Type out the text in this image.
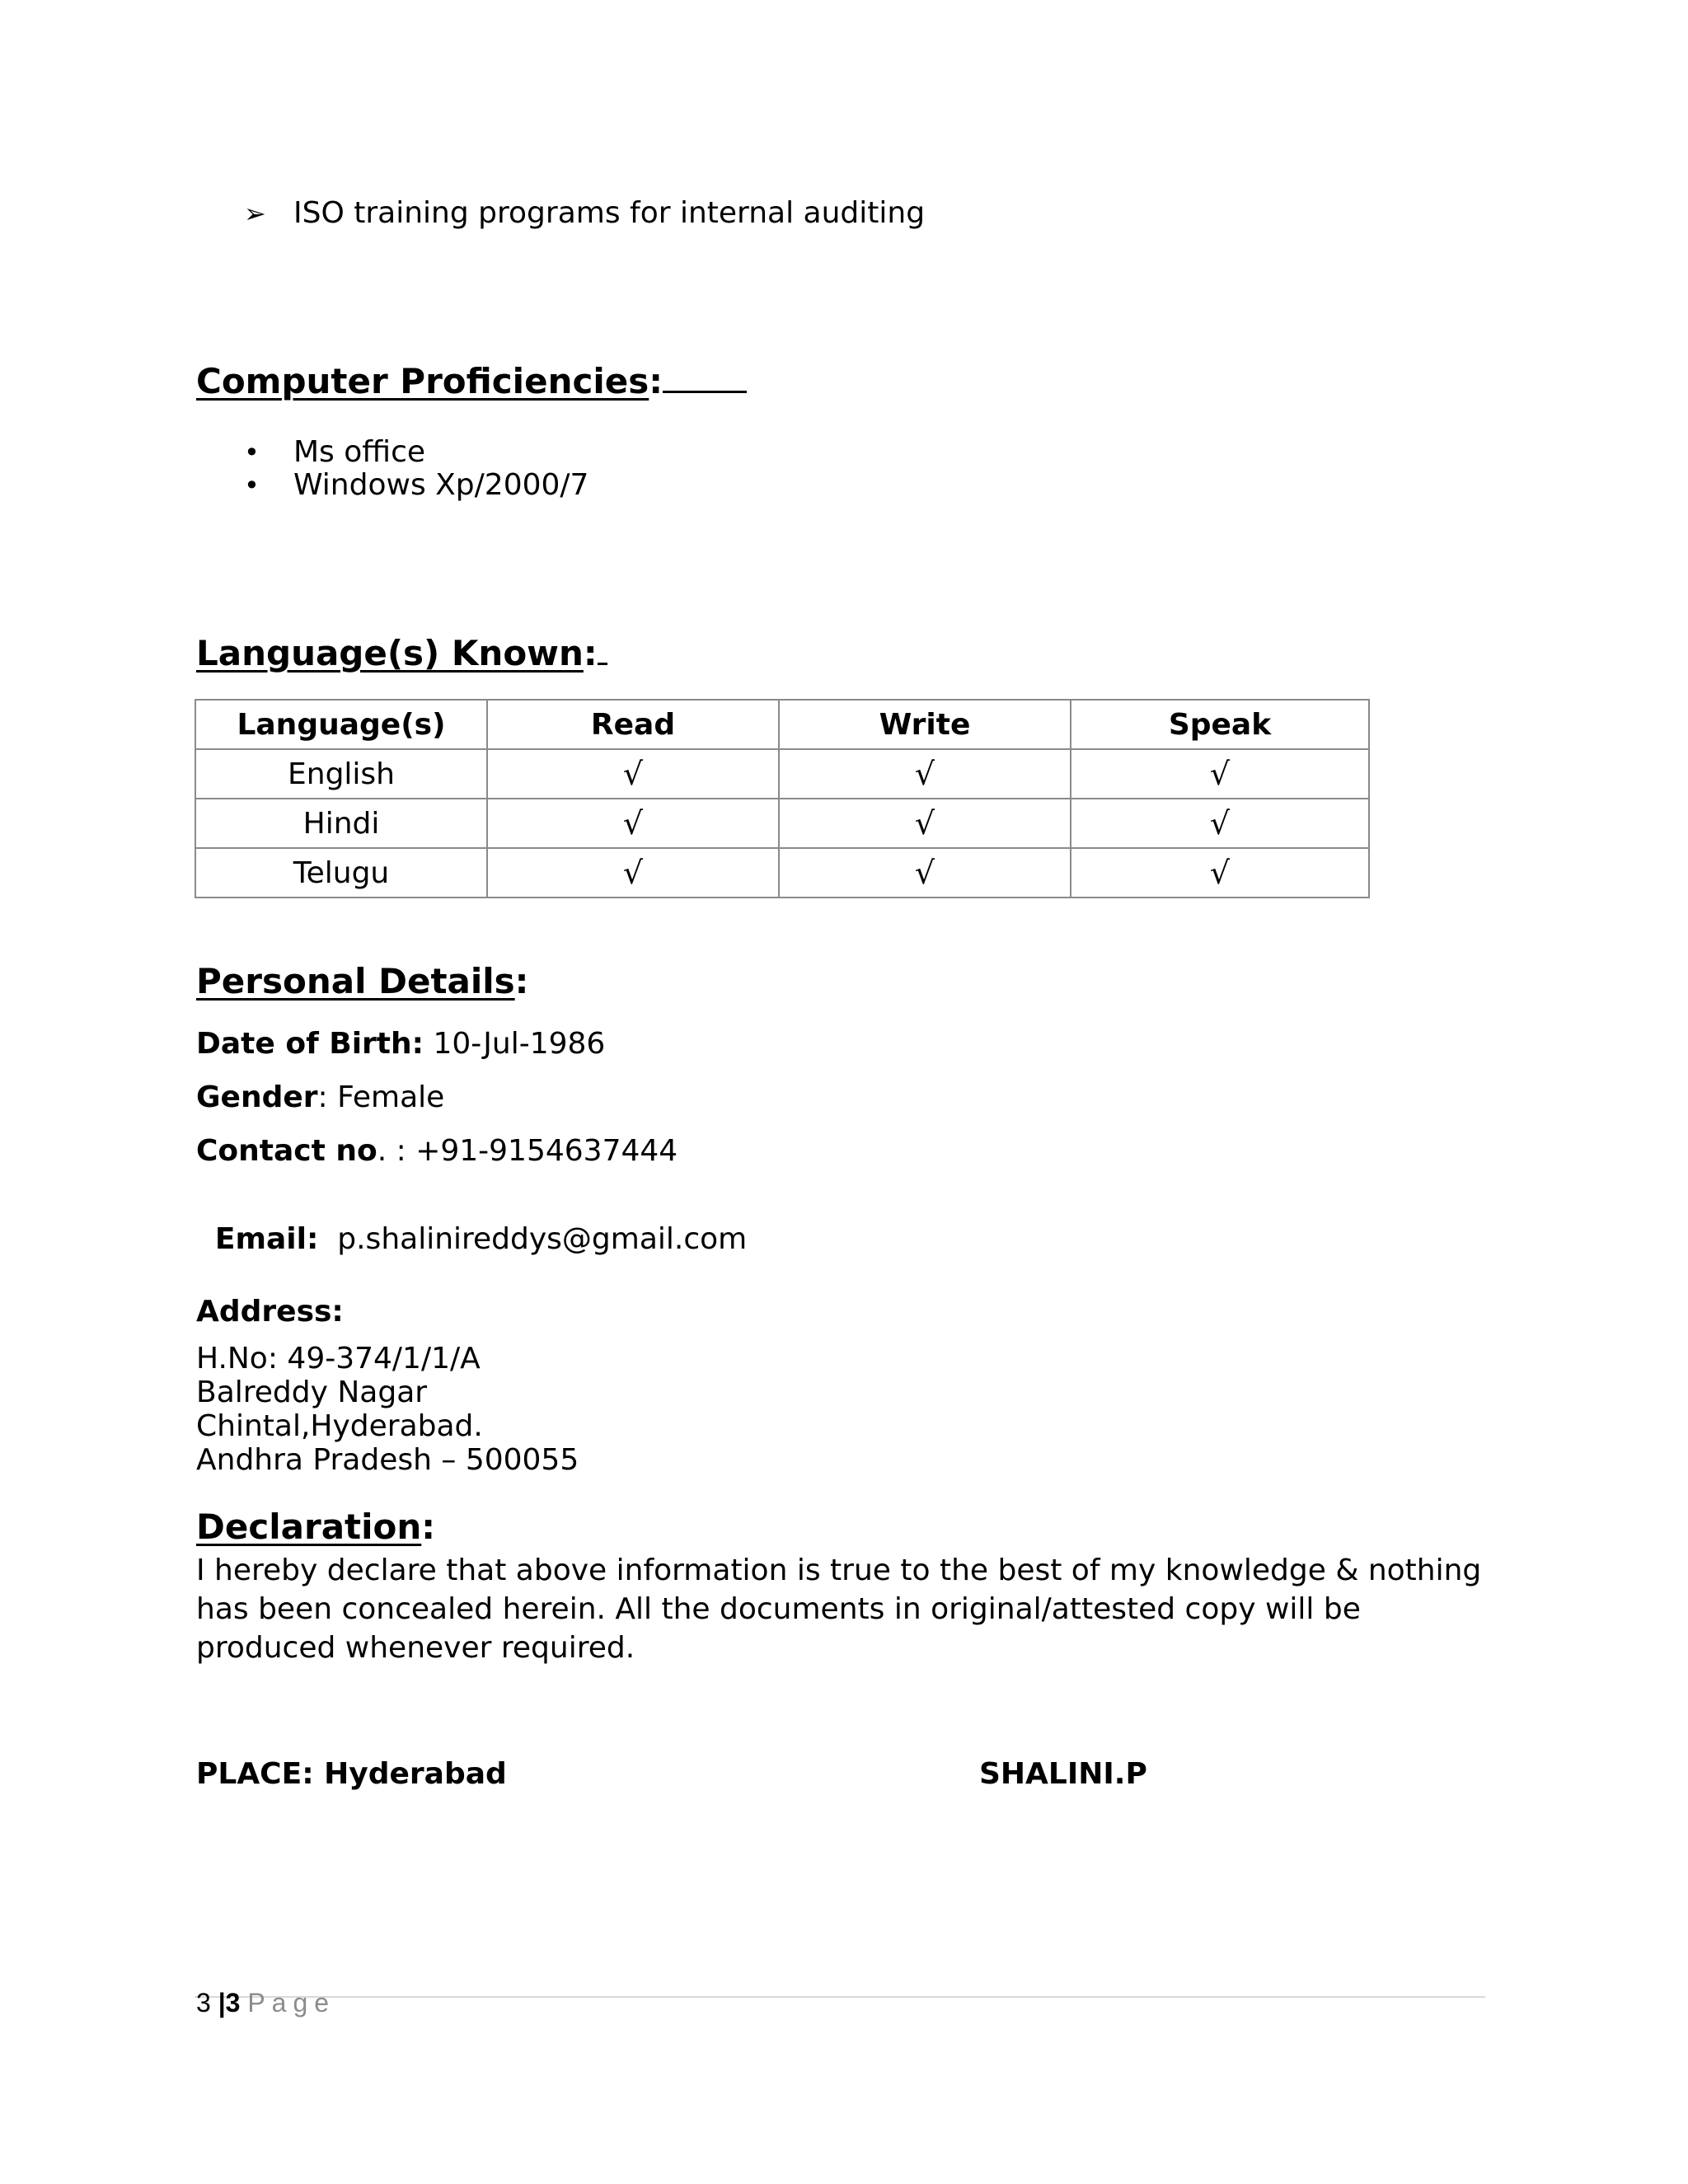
➢ ISO training programs for internal auditing
Computer Proficiencies:
• Ms office
• Windows Xp/2000/7
Language(s) Known:
Language(s)	Read	Write	Speak
English	√	√	√
Hindi	√	√	√
Telugu	√	√	√
Personal Details:
Date of Birth: 10-Jul-1986
Gender: Female
Contact no. : +91-9154637444

Email:  p.shalinireddys@gmail.com

Address:
H.No: 49-374/1/1/A
Balreddy Nagar
Chintal,Hyderabad.
Andhra Pradesh – 500055
Declaration:
I hereby declare that above information is true to the best of my knowledge & nothing has been concealed herein. All the documents in original/attested copy will be produced whenever required.
PLACE: Hyderabad	SHALINI.P
3 |3 Page
